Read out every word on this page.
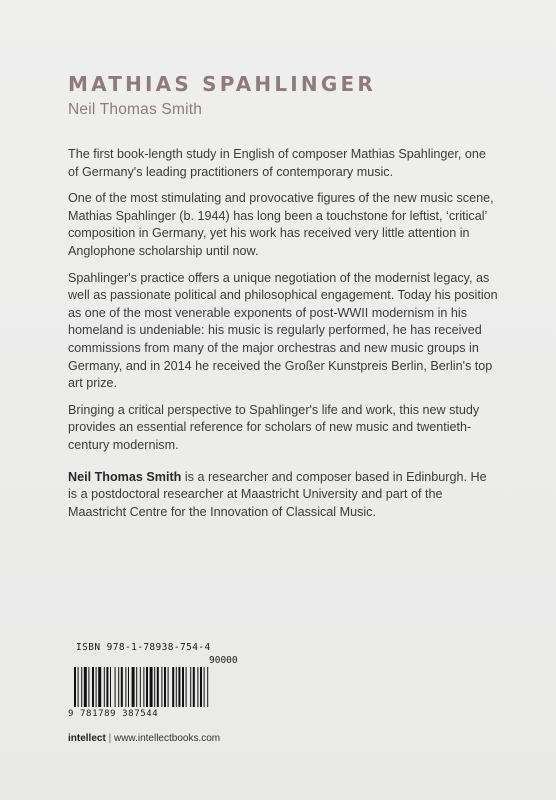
MATHIAS SPAHLINGER
Neil Thomas Smith

The first book-length study in English of composer Mathias Spahlinger, one of Germany's leading practitioners of contemporary music.

One of the most stimulating and provocative figures of the new music scene, Mathias Spahlinger (b. 1944) has long been a touchstone for leftist, ‘critical’ composition in Germany, yet his work has received very little attention in Anglophone scholarship until now.

Spahlinger's practice offers a unique negotiation of the modernist legacy, as well as passionate political and philosophical engagement. Today his position as one of the most venerable exponents of post-WWII modernism in his homeland is undeniable: his music is regularly performed, he has received commissions from many of the major orchestras and new music groups in Germany, and in 2014 he received the Großer Kunstpreis Berlin, Berlin's top art prize.

Bringing a critical perspective to Spahlinger's life and work, this new study provides an essential reference for scholars of new music and twentieth-century modernism.

Neil Thomas Smith is a researcher and composer based in Edinburgh. He is a postdoctoral researcher at Maastricht University and part of the Maastricht Centre for the Innovation of Classical Music.

ISBN 978-1-78938-754-4
90000
9 781789 387544
intellect | www.intellectbooks.com
